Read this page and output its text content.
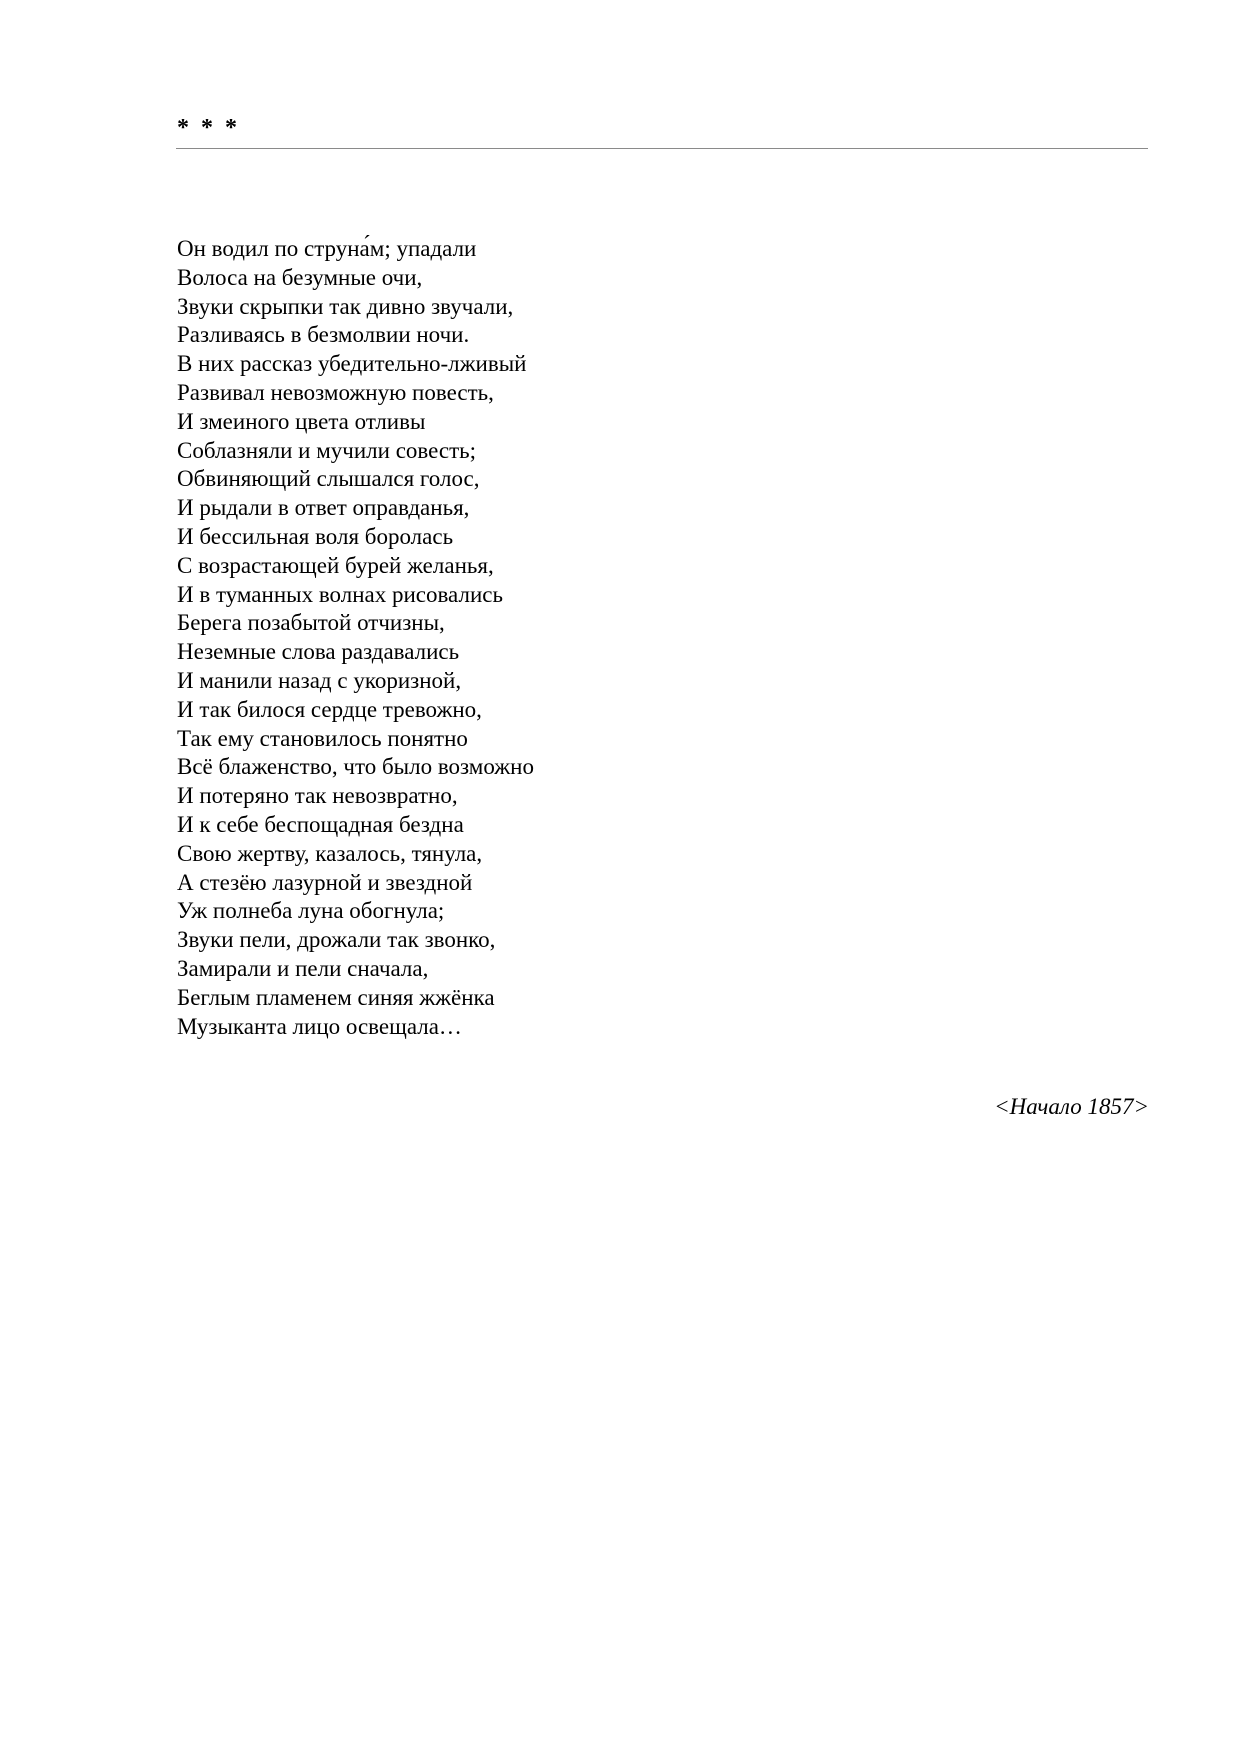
* * *
Он водил по струна́м; упадали
Волоса на безумные очи,
Звуки скрыпки так дивно звучали,
Разливаясь в безмолвии ночи.
В них рассказ убедительно-лживый
Развивал невозможную повесть,
И змеиного цвета отливы
Соблазняли и мучили совесть;
Обвиняющий слышался голос,
И рыдали в ответ оправданья,
И бессильная воля боролась
С возрастающей бурей желанья,
И в туманных волнах рисовались
Берега позабытой отчизны,
Неземные слова раздавались
И манили назад с укоризной,
И так билося сердце тревожно,
Так ему становилось понятно
Всё блаженство, что было возможно
И потеряно так невозвратно,
И к себе беспощадная бездна
Свою жертву, казалось, тянула,
А стезёю лазурной и звездной
Уж полнеба луна обогнула;
Звуки пели, дрожали так звонко,
Замирали и пели сначала,
Беглым пламенем синяя жжёнка
Музыканта лицо освещала…
<Начало 1857>
